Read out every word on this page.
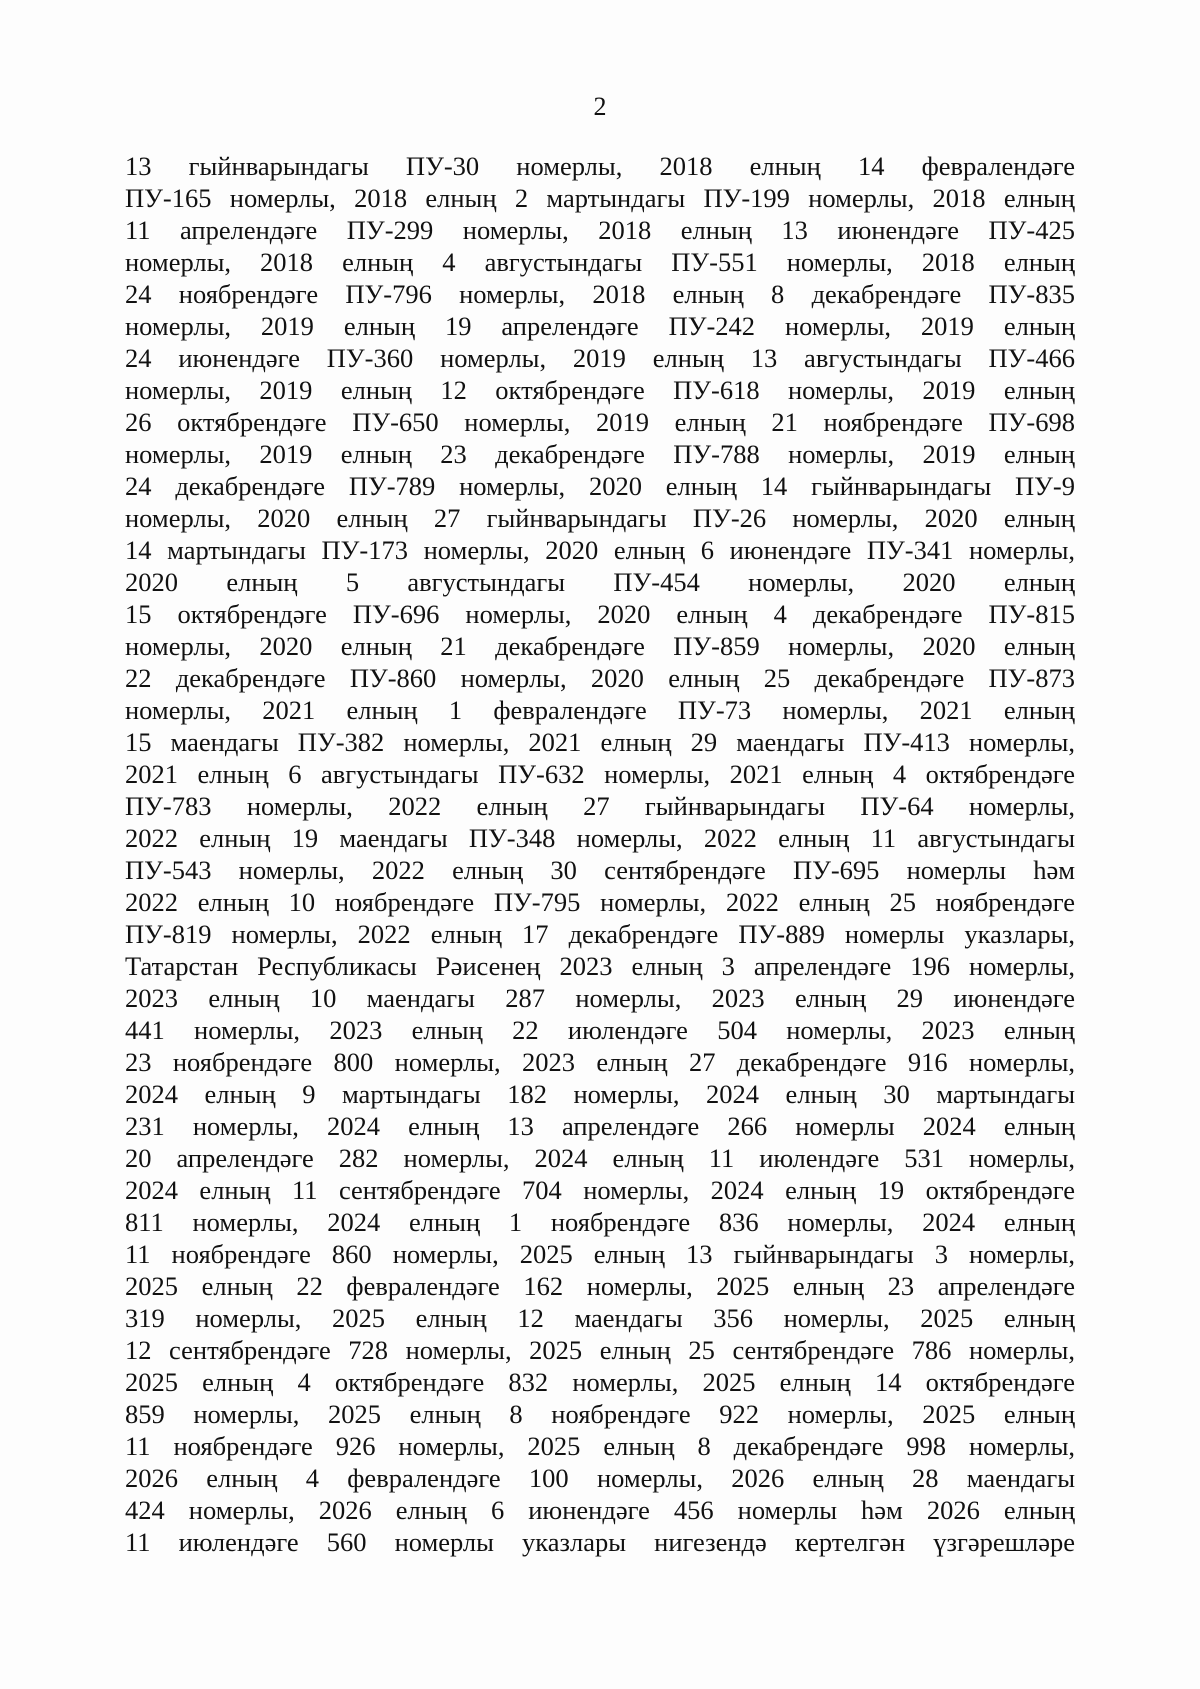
2
13 гыйнварындагы ПУ-30 номерлы, 2018 елның 14 февралендәге
ПУ-165 номерлы, 2018 елның 2 мартындагы ПУ-199 номерлы, 2018 елның
11 апрелендәге ПУ-299 номерлы, 2018 елның 13 июнендәге ПУ-425
номерлы, 2018 елның 4 августындагы ПУ-551 номерлы, 2018 елның
24 ноябрендәге ПУ-796 номерлы, 2018 елның 8 декабрендәге ПУ-835
номерлы, 2019 елның 19 апрелендәге ПУ-242 номерлы, 2019 елның
24 июнендәге ПУ-360 номерлы, 2019 елның 13 августындагы ПУ-466
номерлы, 2019 елның 12 октябрендәге ПУ-618 номерлы, 2019 елның
26 октябрендәге ПУ-650 номерлы, 2019 елның 21 ноябрендәге ПУ-698
номерлы, 2019 елның 23 декабрендәге ПУ-788 номерлы, 2019 елның
24 декабрендәге ПУ-789 номерлы, 2020 елның 14 гыйнварындагы ПУ-9
номерлы, 2020 елның 27 гыйнварындагы ПУ-26 номерлы, 2020 елның
14 мартындагы ПУ-173 номерлы, 2020 елның 6 июнендәге ПУ-341 номерлы,
2020 елның 5 августындагы ПУ-454 номерлы, 2020 елның
15 октябрендәге ПУ-696 номерлы, 2020 елның 4 декабрендәге ПУ-815
номерлы, 2020 елның 21 декабрендәге ПУ-859 номерлы, 2020 елның
22 декабрендәге ПУ-860 номерлы, 2020 елның 25 декабрендәге ПУ-873
номерлы, 2021 елның 1 февралендәге ПУ-73 номерлы, 2021 елның
15 маендагы ПУ-382 номерлы, 2021 елның 29 маендагы ПУ-413 номерлы,
2021 елның 6 августындагы ПУ-632 номерлы, 2021 елның 4 октябрендәге
ПУ-783 номерлы, 2022 елның 27 гыйнварындагы ПУ-64 номерлы,
2022 елның 19 маендагы ПУ-348 номерлы, 2022 елның 11 августындагы
ПУ-543 номерлы, 2022 елның 30 сентябрендәге ПУ-695 номерлы һәм
2022 елның 10 ноябрендәге ПУ-795 номерлы, 2022 елның 25 ноябрендәге
ПУ-819 номерлы, 2022 елның 17 декабрендәге ПУ-889 номерлы указлары,
Татарстан Республикасы Рәисенең 2023 елның 3 апрелендәге 196 номерлы,
2023 елның 10 маендагы 287 номерлы, 2023 елның 29 июнендәге
441 номерлы, 2023 елның 22 июлендәге 504 номерлы, 2023 елның
23 ноябрендәге 800 номерлы, 2023 елның 27 декабрендәге 916 номерлы,
2024 елның 9 мартындагы 182 номерлы, 2024 елның 30 мартындагы
231 номерлы, 2024 елның 13 апрелендәге 266 номерлы 2024 елның
20 апрелендәге 282 номерлы, 2024 елның 11 июлендәге 531 номерлы,
2024 елның 11 сентябрендәге 704 номерлы, 2024 елның 19 октябрендәге
811 номерлы, 2024 елның 1 ноябрендәге 836 номерлы, 2024 елның
11 ноябрендәге 860 номерлы, 2025 елның 13 гыйнварындагы 3 номерлы,
2025 елның 22 февралендәге 162 номерлы, 2025 елның 23 апрелендәге
319 номерлы, 2025 елның 12 маендагы 356 номерлы, 2025 елның
12 сентябрендәге 728 номерлы, 2025 елның 25 сентябрендәге 786 номерлы,
2025 елның 4 октябрендәге 832 номерлы, 2025 елның 14 октябрендәге
859 номерлы, 2025 елның 8 ноябрендәге 922 номерлы, 2025 елның
11 ноябрендәге 926 номерлы, 2025 елның 8 декабрендәге 998 номерлы,
2026 елның 4 февралендәге 100 номерлы, 2026 елның 28 маендагы
424 номерлы, 2026 елның 6 июнендәге 456 номерлы һәм 2026 елның
11 июлендәге 560 номерлы указлары нигезендә кертелгән үзгәрешләре
